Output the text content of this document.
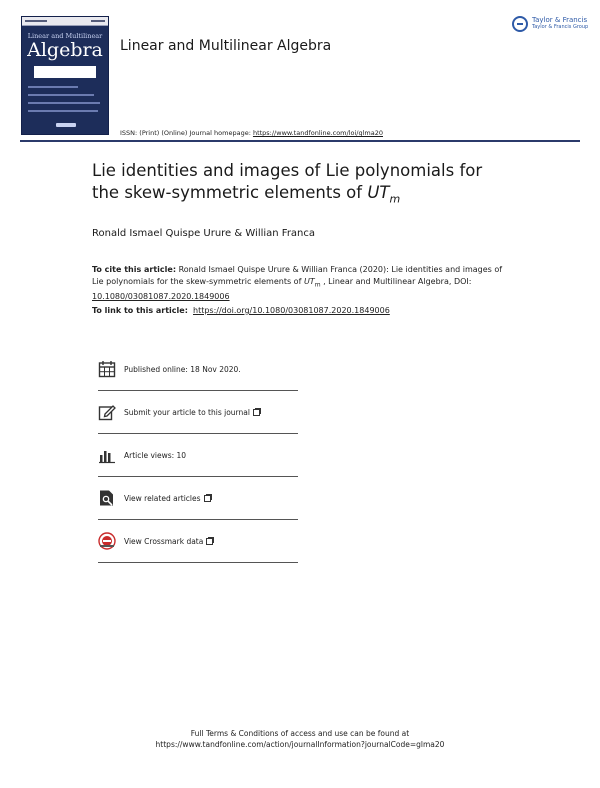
Linear and Multilinear
Algebra	Linear and Multilinear Algebra
Taylor & Francis
Taylor & Francis Group
ISSN: (Print) (Online) Journal homepage: https://www.tandfonline.com/loi/glma20
Lie identities and images of Lie polynomials for
the skew-symmetric elements of $UT_m$
Ronald Ismael Quispe Urure & Willian Franca
To cite this article: Ronald Ismael Quispe Urure & Willian Franca (2020): Lie identities and images of Lie polynomials for the skew-symmetric elements of $UT_m$ , Linear and Multilinear Algebra, DOI: 10.1080/03081087.2020.1849006
To link to this article: https://doi.org/10.1080/03081087.2020.1849006
Published online: 18 Nov 2020.
Submit your article to this journal
Article views: 10
View related articles
View Crossmark data
Full Terms & Conditions of access and use can be found at
https://www.tandfonline.com/action/journalInformation?journalCode=glma20
